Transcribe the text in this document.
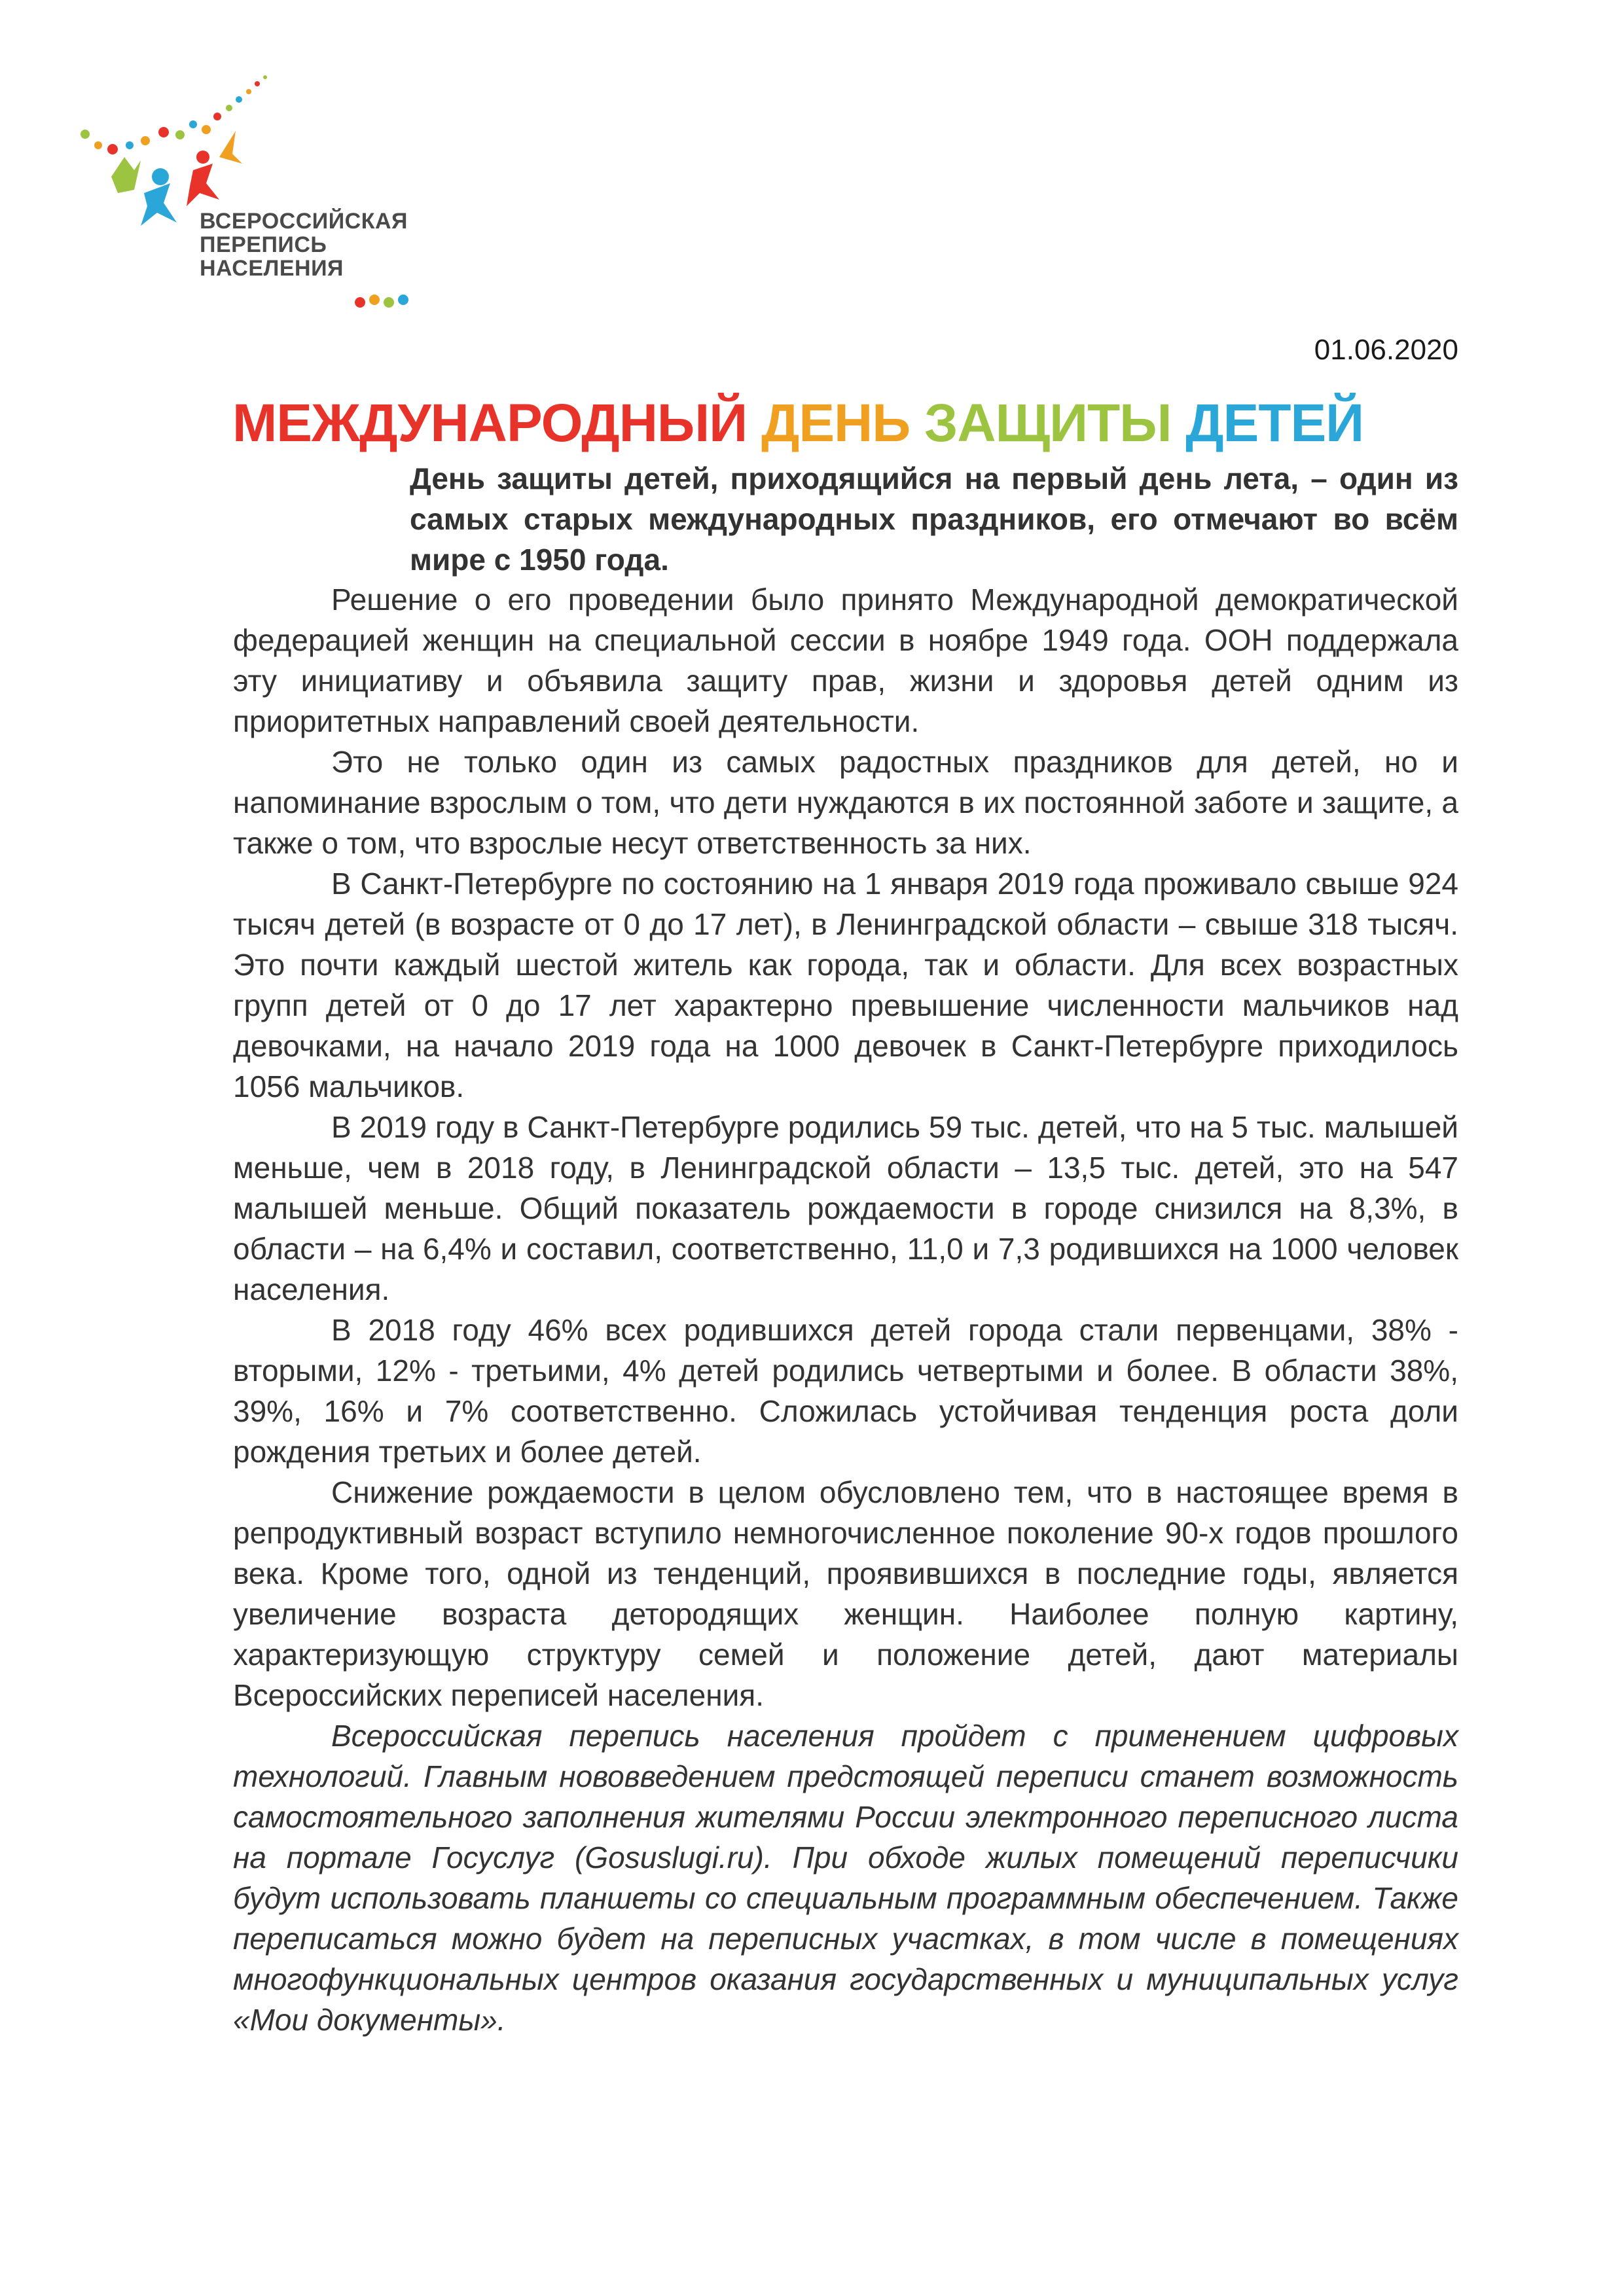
ВСЕРОССИЙСКАЯ
ПЕРЕПИСЬ
НАСЕЛЕНИЯ
01.06.2020
МЕЖДУНАРОДНЫЙ ДЕНЬ ЗАЩИТЫ ДЕТЕЙ
День защиты детей, приходящийся на первый день лета, – один из самых старых международных праздников, его отмечают во всём мире с 1950 года.

Решение о его проведении было принято Международной демократической федерацией женщин на специальной сессии в ноябре 1949 года. ООН поддержала эту инициативу и объявила защиту прав, жизни и здоровья детей одним из приоритетных направлений своей деятельности.

Это не только один из самых радостных праздников для детей, но и напоминание взрослым о том, что дети нуждаются в их постоянной заботе и защите, а также о том, что взрослые несут ответственность за них.

В Санкт-Петербурге по состоянию на 1 января 2019 года проживало свыше 924 тысяч детей (в возрасте от 0 до 17 лет), в Ленинградской области – свыше 318 тысяч. Это почти каждый шестой житель как города, так и области. Для всех возрастных групп детей от 0 до 17 лет характерно превышение численности мальчиков над девочками, на начало 2019 года на 1000 девочек в Санкт-Петербурге приходилось 1056 мальчиков.

В 2019 году в Санкт-Петербурге родились 59 тыс. детей, что на 5 тыс. малышей меньше, чем в 2018 году, в Ленинградской области – 13,5 тыс. детей, это на 547 малышей меньше. Общий показатель рождаемости в городе снизился на 8,3%, в области – на 6,4% и составил, соответственно, 11,0 и 7,3 родившихся на 1000 человек населения.

В 2018 году 46% всех родившихся детей города стали первенцами, 38% - вторыми, 12% - третьими, 4% детей родились четвертыми и более. В области 38%, 39%, 16% и 7% соответственно. Сложилась устойчивая тенденция роста доли рождения третьих и более детей.

Снижение рождаемости в целом обусловлено тем, что в настоящее время в репродуктивный возраст вступило немногочисленное поколение 90-х годов прошлого века. Кроме того, одной из тенденций, проявившихся в последние годы, является увеличение возраста детородящих женщин. Наиболее полную картину, характеризующую структуру семей и положение детей, дают материалы Всероссийских переписей населения.

Всероссийская перепись населения пройдет с применением цифровых технологий. Главным нововведением предстоящей переписи станет возможность самостоятельного заполнения жителями России электронного переписного листа на портале Госуслуг (Gosuslugi.ru). При обходе жилых помещений переписчики будут использовать планшеты со специальным программным обеспечением. Также переписаться можно будет на переписных участках, в том числе в помещениях многофункциональных центров оказания государственных и муниципальных услуг «Мои документы».
